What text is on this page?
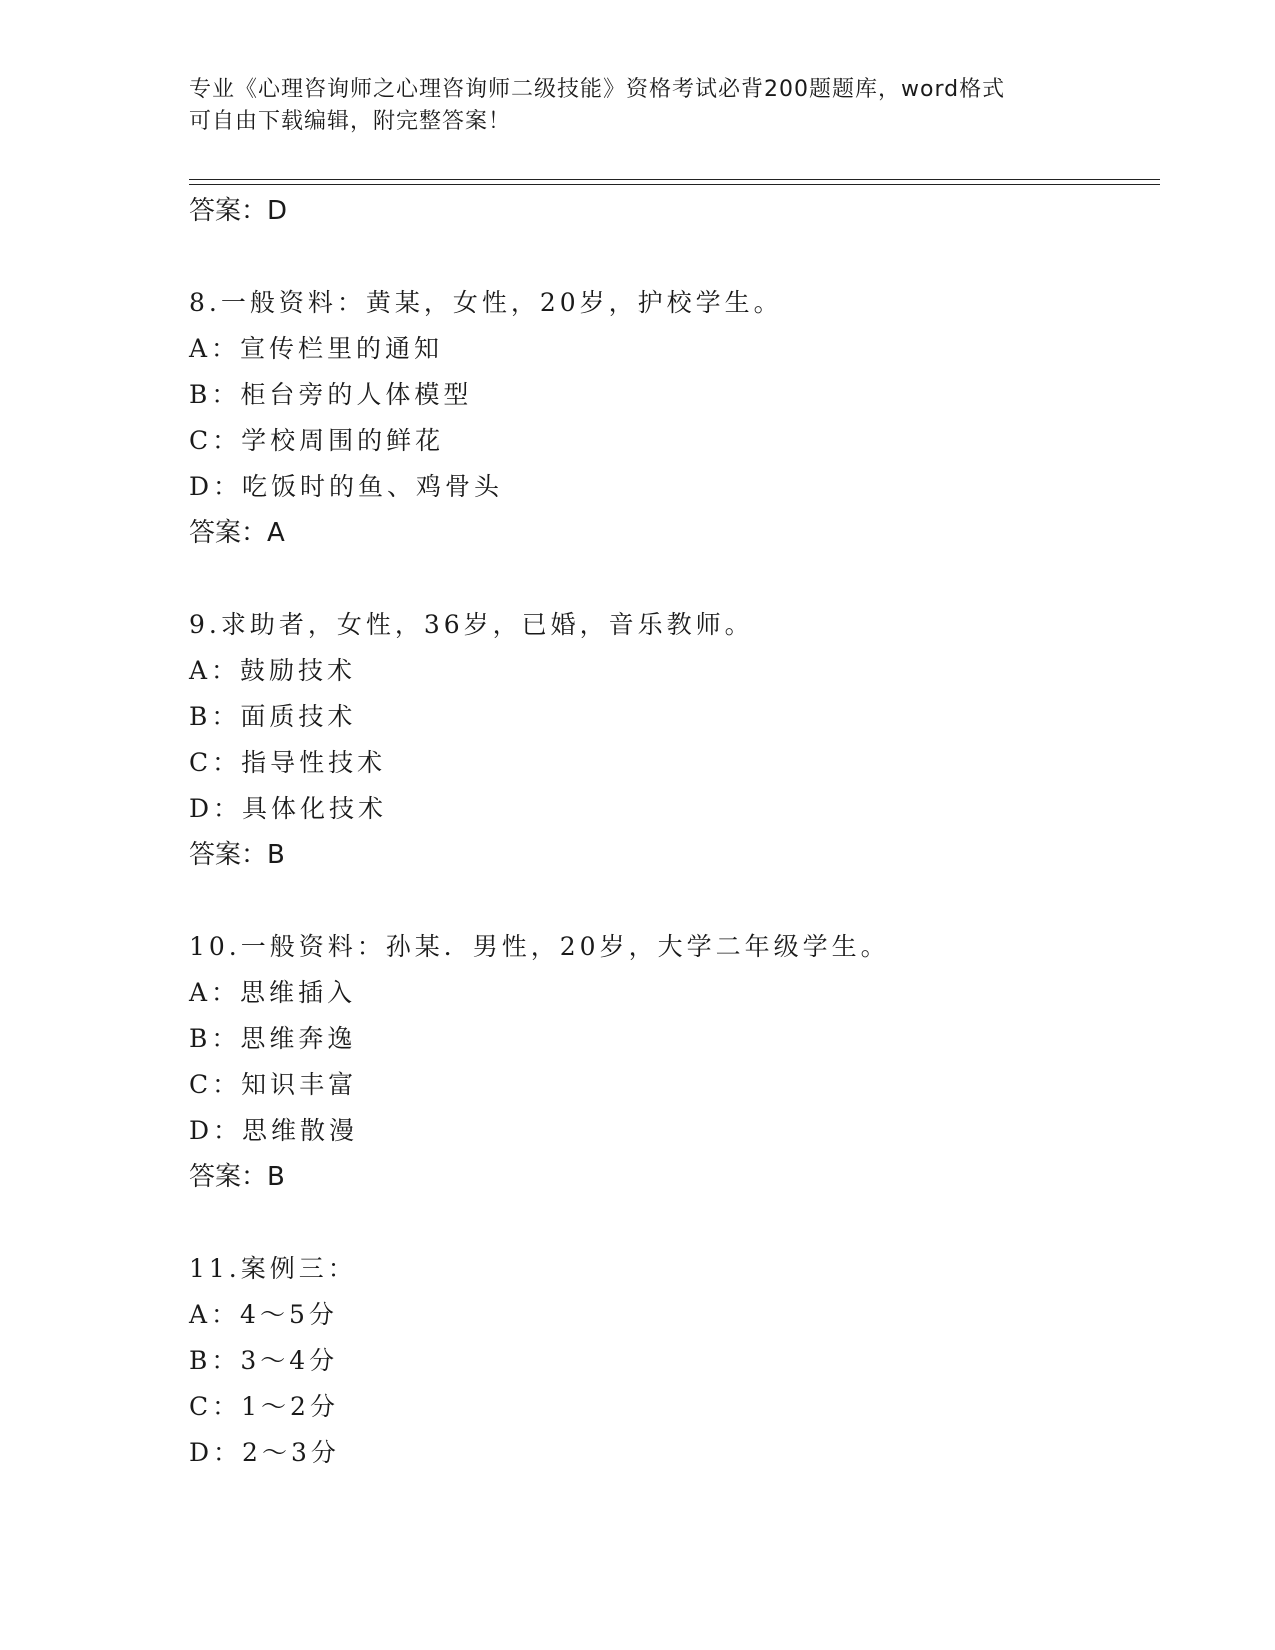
专业《心理咨询师之心理咨询师二级技能》资格考试必背200题题库，word格式
可自由下载编辑，附完整答案！
答案：D
8.一般资料：黄某，女性，20岁，护校学生。
A：宣传栏里的通知
B：柜台旁的人体模型
C：学校周围的鲜花
D：吃饭时的鱼、鸡骨头
答案：A
9.求助者，女性，36岁，已婚，音乐教师。
A：鼓励技术
B：面质技术
C：指导性技术
D：具体化技术
答案：B
10.一般资料：孙某．男性，20岁，大学二年级学生。
A：思维插入
B：思维奔逸
C：知识丰富
D：思维散漫
答案：B
11.案例三：
A：4～5分
B：3～4分
C：1～2分
D：2～3分
